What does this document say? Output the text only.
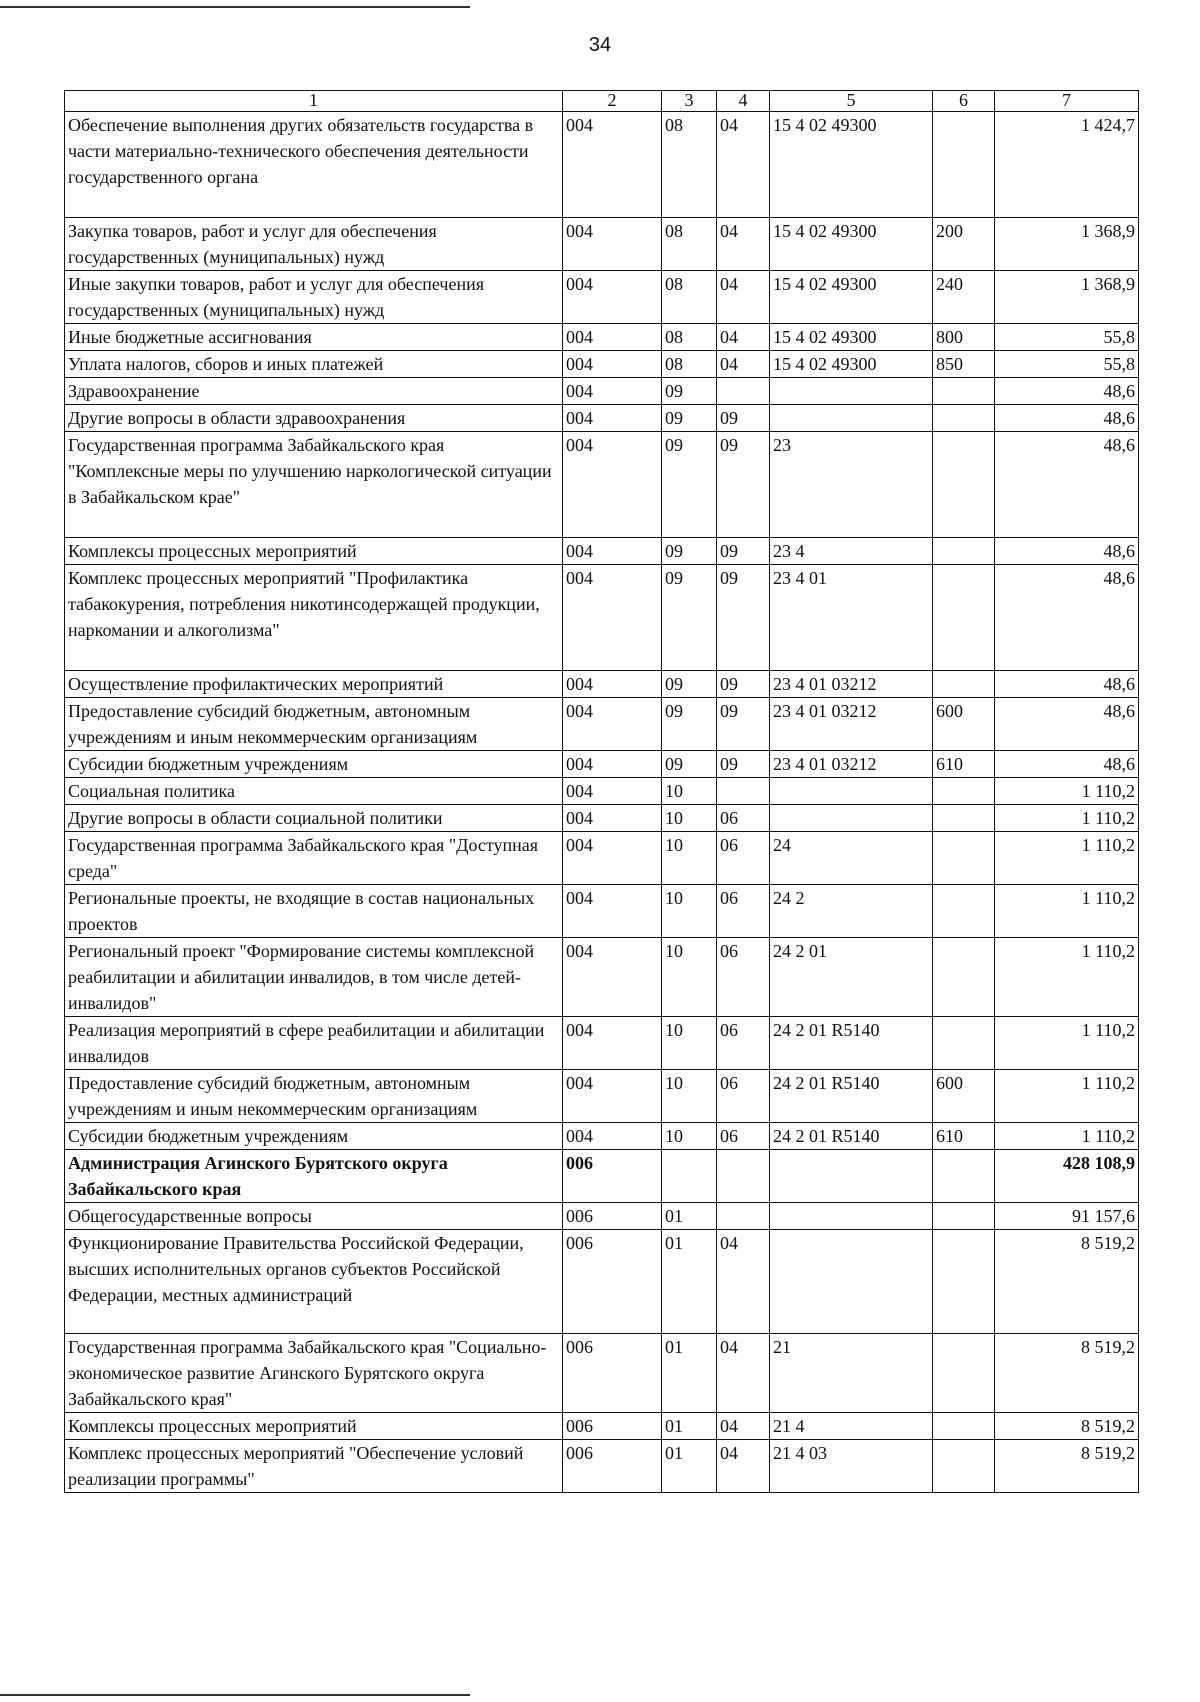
34
1	2	3	4	5	6	7
Обеспечение выполнения других обязательств государства в части материально-технического обеспечения деятельности государственного органа	004	08	04	15 4 02 49300		1 424,7
Закупка товаров, работ и услуг для обеспечения государственных (муниципальных) нужд	004	08	04	15 4 02 49300	200	1 368,9
Иные закупки товаров, работ и услуг для обеспечения государственных (муниципальных) нужд	004	08	04	15 4 02 49300	240	1 368,9
Иные бюджетные ассигнования	004	08	04	15 4 02 49300	800	55,8
Уплата налогов, сборов и иных платежей	004	08	04	15 4 02 49300	850	55,8
Здравоохранение	004	09				48,6
Другие вопросы в области здравоохранения	004	09	09			48,6
Государственная программа Забайкальского края "Комплексные меры по улучшению наркологической ситуации в Забайкальском крае"	004	09	09	23		48,6
Комплексы процессных мероприятий	004	09	09	23 4		48,6
Комплекс процессных мероприятий "Профилактика табакокурения, потребления никотинсодержащей продукции, наркомании и алкоголизма"	004	09	09	23 4 01		48,6
Осуществление профилактических мероприятий	004	09	09	23 4 01 03212		48,6
Предоставление субсидий бюджетным, автономным учреждениям и иным некоммерческим организациям	004	09	09	23 4 01 03212	600	48,6
Субсидии бюджетным учреждениям	004	09	09	23 4 01 03212	610	48,6
Социальная политика	004	10				1 110,2
Другие вопросы в области социальной политики	004	10	06			1 110,2
Государственная программа Забайкальского края "Доступная среда"	004	10	06	24		1 110,2
Региональные проекты, не входящие в состав национальных проектов	004	10	06	24 2		1 110,2
Региональный проект "Формирование системы комплексной реабилитации и абилитации инвалидов, в том числе детей-инвалидов"	004	10	06	24 2 01		1 110,2
Реализация мероприятий в сфере реабилитации и абилитации инвалидов	004	10	06	24 2 01 R5140		1 110,2
Предоставление субсидий бюджетным, автономным учреждениям и иным некоммерческим организациям	004	10	06	24 2 01 R5140	600	1 110,2
Субсидии бюджетным учреждениям	004	10	06	24 2 01 R5140	610	1 110,2
Администрация Агинского Бурятского округа Забайкальского края	006					428 108,9
Общегосударственные вопросы	006	01				91 157,6
Функционирование Правительства Российской Федерации, высших исполнительных органов субъектов Российской Федерации, местных администраций	006	01	04			8 519,2
Государственная программа Забайкальского края "Социально-экономическое развитие Агинского Бурятского округа Забайкальского края"	006	01	04	21		8 519,2
Комплексы процессных мероприятий	006	01	04	21 4		8 519,2
Комплекс процессных мероприятий "Обеспечение условий реализации программы"	006	01	04	21 4 03		8 519,2
